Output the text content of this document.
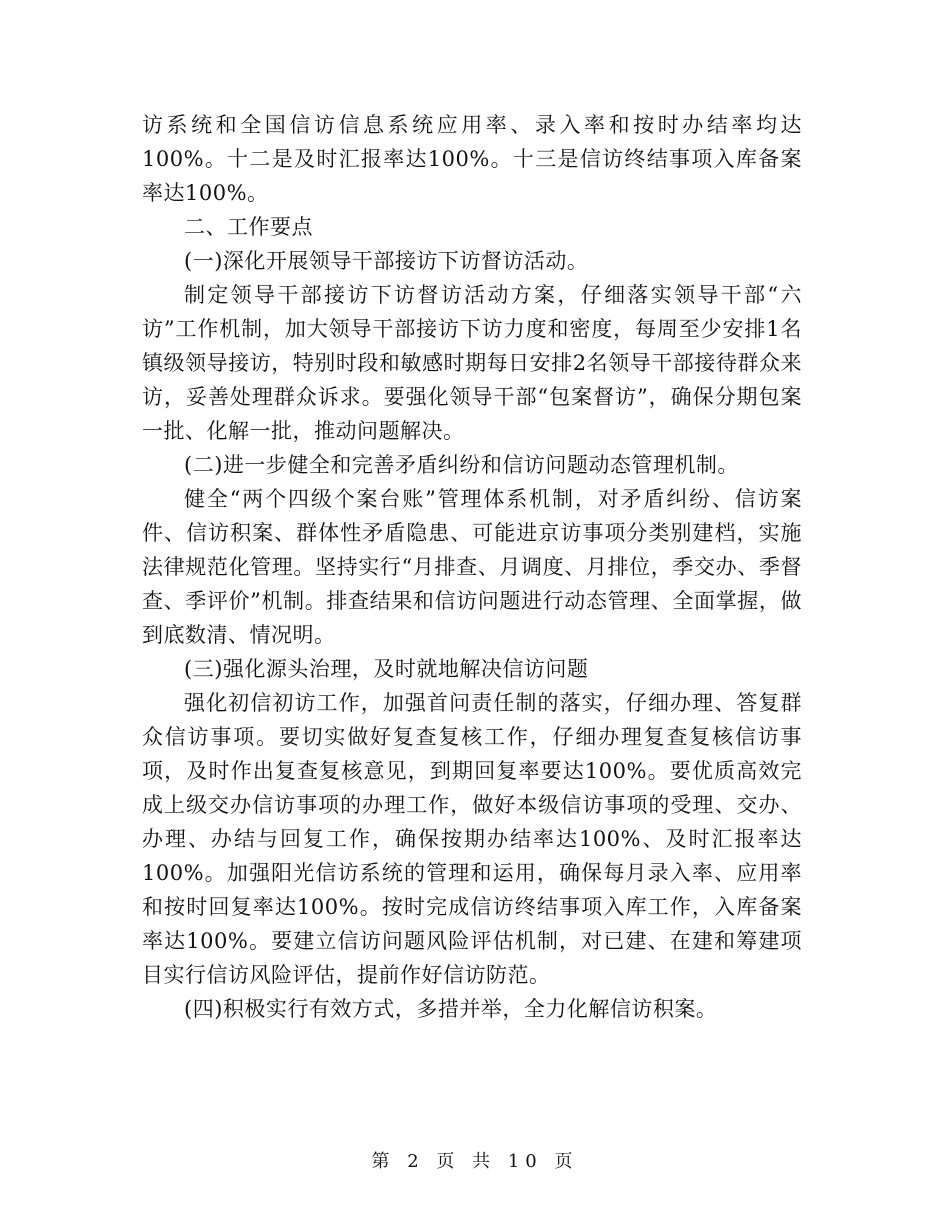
访系统和全国信访信息系统应用率、录入率和按时办结率均达100%。十二是及时汇报率达100%。十三是信访终结事项入库备案率达100%。

二、工作要点

(一)深化开展领导干部接访下访督访活动。

制定领导干部接访下访督访活动方案，仔细落实领导干部“六访”工作机制，加大领导干部接访下访力度和密度，每周至少安排1名镇级领导接访，特别时段和敏感时期每日安排2名领导干部接待群众来访，妥善处理群众诉求。要强化领导干部“包案督访”，确保分期包案一批、化解一批，推动问题解决。

(二)进一步健全和完善矛盾纠纷和信访问题动态管理机制。

健全“两个四级个案台账”管理体系机制，对矛盾纠纷、信访案件、信访积案、群体性矛盾隐患、可能进京访事项分类别建档，实施法律规范化管理。坚持实行“月排查、月调度、月排位，季交办、季督查、季评价”机制。排查结果和信访问题进行动态管理、全面掌握，做到底数清、情况明。

(三)强化源头治理，及时就地解决信访问题

强化初信初访工作，加强首问责任制的落实，仔细办理、答复群众信访事项。要切实做好复查复核工作，仔细办理复查复核信访事项，及时作出复查复核意见，到期回复率要达100%。要优质高效完成上级交办信访事项的办理工作，做好本级信访事项的受理、交办、办理、办结与回复工作，确保按期办结率达100%、及时汇报率达100%。加强阳光信访系统的管理和运用，确保每月录入率、应用率和按时回复率达100%。按时完成信访终结事项入库工作，入库备案率达100%。要建立信访问题风险评估机制，对已建、在建和筹建项目实行信访风险评估，提前作好信访防范。

(四)积极实行有效方式，多措并举，全力化解信访积案。

第 2 页 共 10 页
